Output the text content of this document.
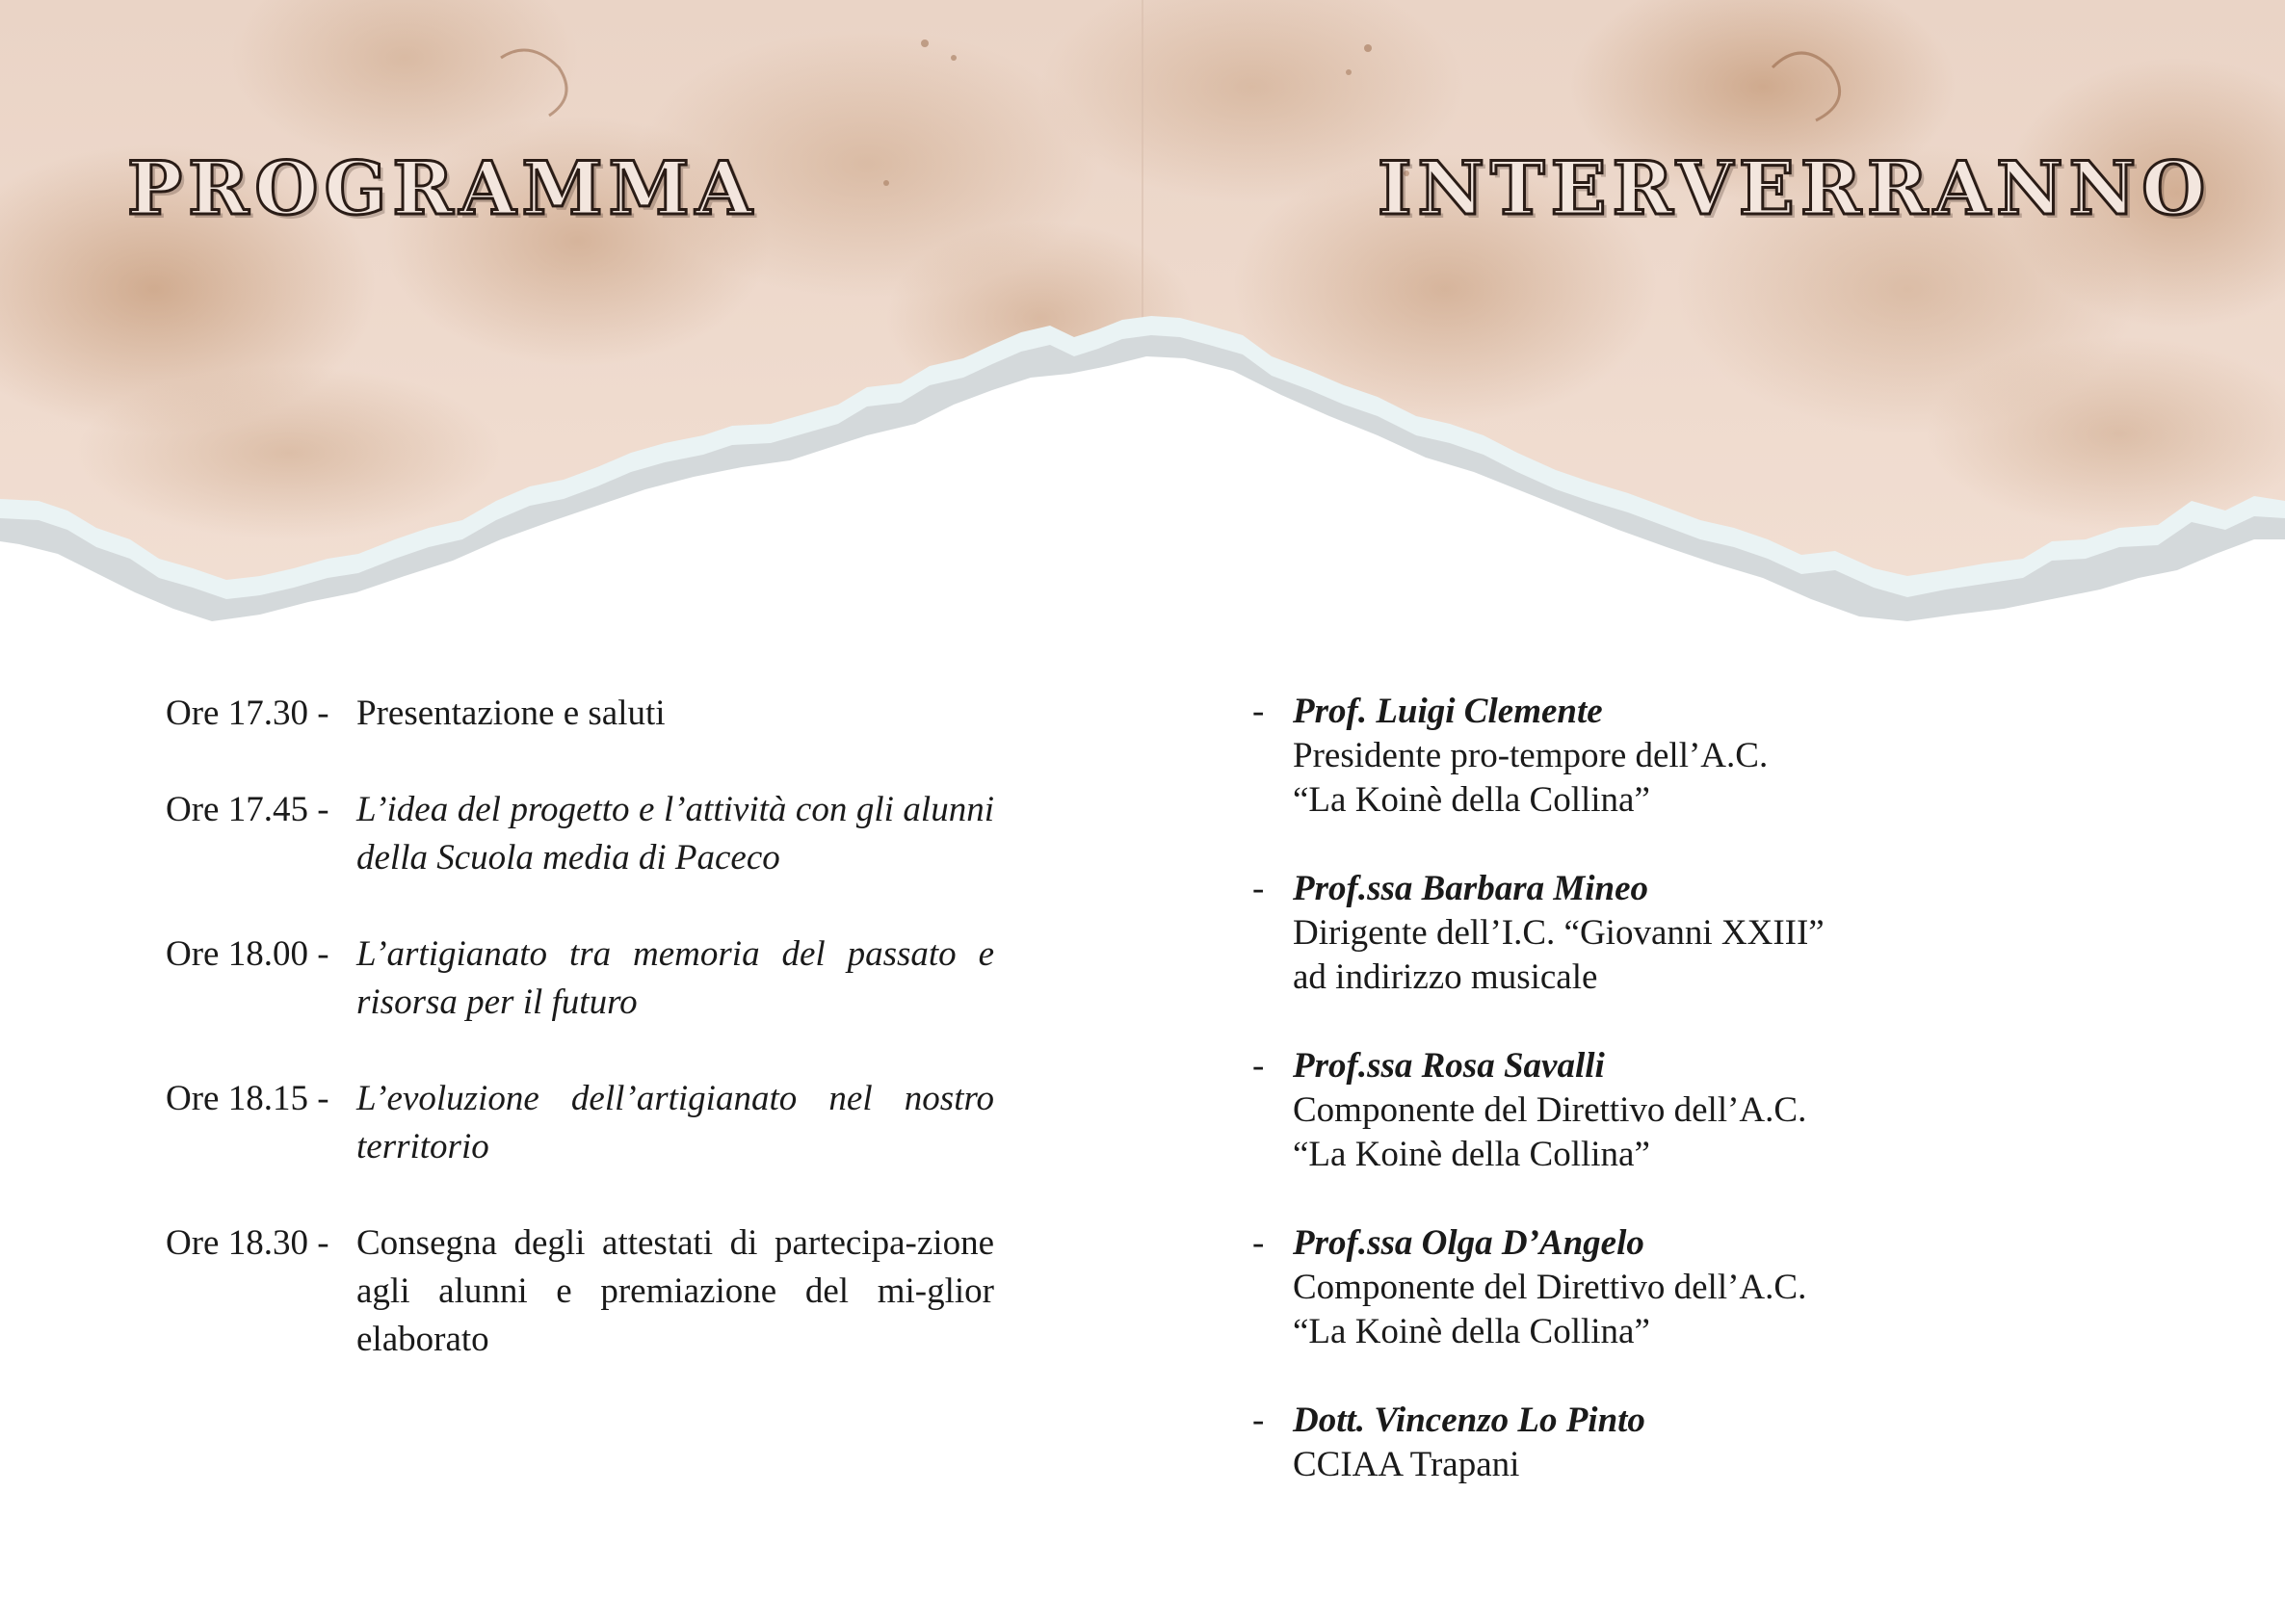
PROGRAMMA	INTERVERRANNO
Ore 17.30 - Presentazione e saluti
Ore 17.45 - L’idea del progetto e l’attività con gli alunni della Scuola media di Paceco
Ore 18.00 - L’artigianato tra memoria del passato e risorsa per il futuro
Ore 18.15 - L’evoluzione dell’artigianato nel nostro territorio
Ore 18.30 - Consegna degli attestati di partecipa-zione agli alunni e premiazione del mi-glior elaborato
- Prof. Luigi Clemente
Presidente pro-tempore dell’A.C.
“La Koinè della Collina”
- Prof.ssa Barbara Mineo
Dirigente dell’I.C. “Giovanni XXIII”
ad indirizzo musicale
- Prof.ssa Rosa Savalli
Componente del Direttivo dell’A.C.
“La Koinè della Collina”
- Prof.ssa Olga D’Angelo
Componente del Direttivo dell’A.C.
“La Koinè della Collina”
- Dott. Vincenzo Lo Pinto
CCIAA Trapani
